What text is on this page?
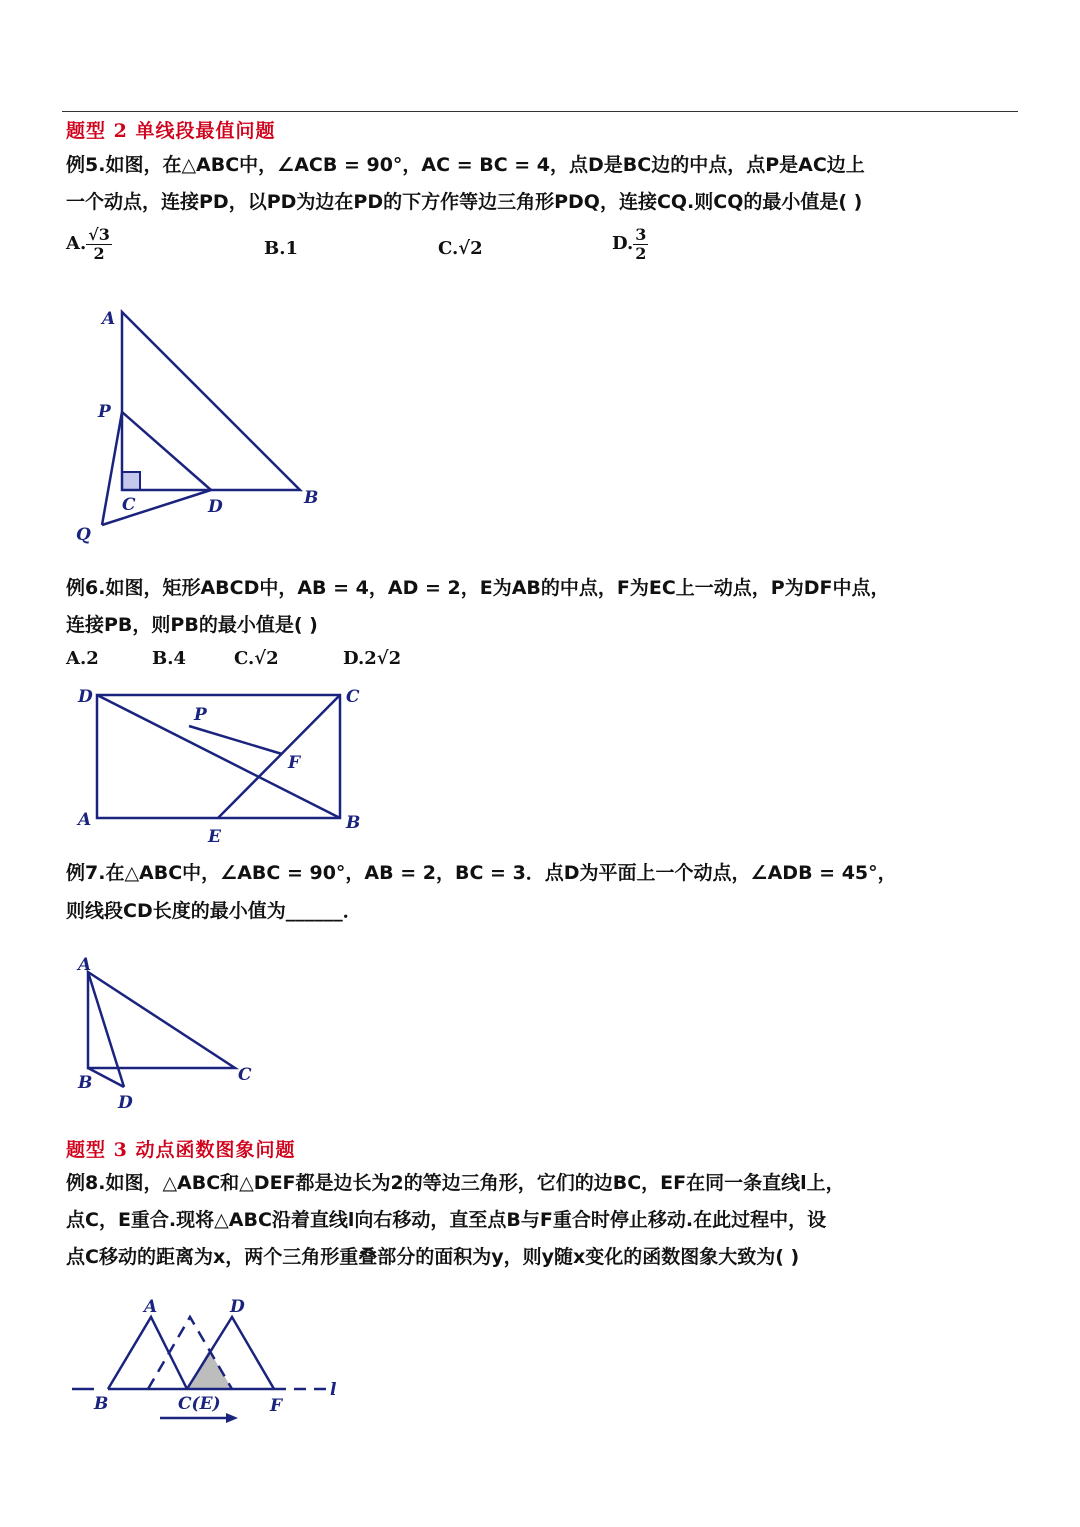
题型 2 单线段最值问题
例5.如图，在△ABC中，∠ACB = 90°，AC = BC = 4，点D是BC边的中点，点P是AC边上
一个动点，连接PD，以PD为边在PD的下方作等边三角形PDQ，连接CQ.则CQ的最小值是( )
A. $\frac{√3}{2}$	B.1	C.√2	D. $\frac{3}{2}$
A
P
C	D	B
Q
例6.如图，矩形ABCD中，AB = 4，AD = 2，E为AB的中点，F为EC上一动点，P为DF中点，
连接PB，则PB的最小值是( )
A.2	B.4	C.√2	D.2√2
D	C
P
F
A
E
B
例7.在△ABC中，∠ABC = 90°，AB = 2，BC = 3．点D为平面上一个动点，∠ADB = 45°，
则线段CD长度的最小值为______．
A
B	C
D
题型 3 动点函数图象问题
例8.如图，△ABC和△DEF都是边长为2的等边三角形，它们的边BC，EF在同一条直线l上，
点C，E重合.现将△ABC沿着直线l向右移动，直至点B与F重合时停止移动.在此过程中，设
点C移动的距离为x，两个三角形重叠部分的面积为y，则y随x变化的函数图象大致为( )
A	D
B	C(E)	F
l
